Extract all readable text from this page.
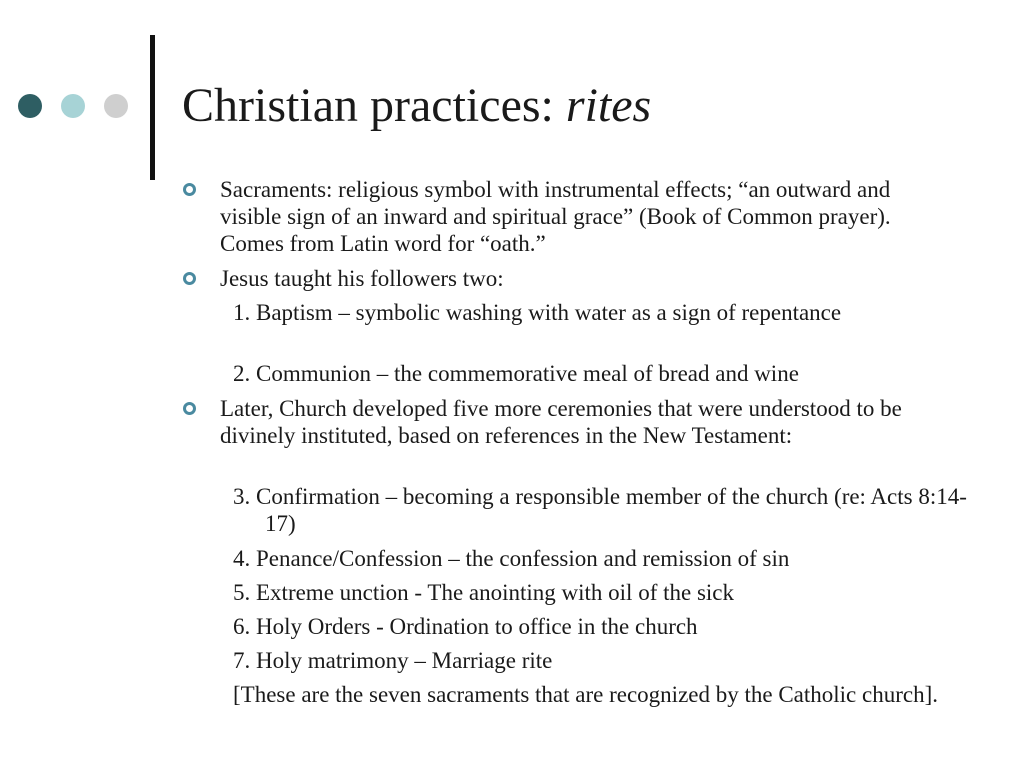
Christian practices: rites
Sacraments: religious symbol with instrumental effects; “an outward and visible sign of an inward and spiritual grace” (Book of Common prayer). Comes from Latin word for “oath.”
Jesus taught his followers two:
1. Baptism – symbolic washing with water as a sign of repentance
2. Communion – the commemorative meal of bread and wine
Later, Church developed five more ceremonies that were understood to be divinely instituted, based on references in the New Testament:
3. Confirmation – becoming a responsible member of the church (re: Acts 8:14-17)
4. Penance/Confession – the confession and remission of sin
5. Extreme unction - The anointing with oil of the sick
6. Holy Orders - Ordination to office in the church
7. Holy matrimony – Marriage rite
[These are the seven sacraments that are recognized by the Catholic church].
